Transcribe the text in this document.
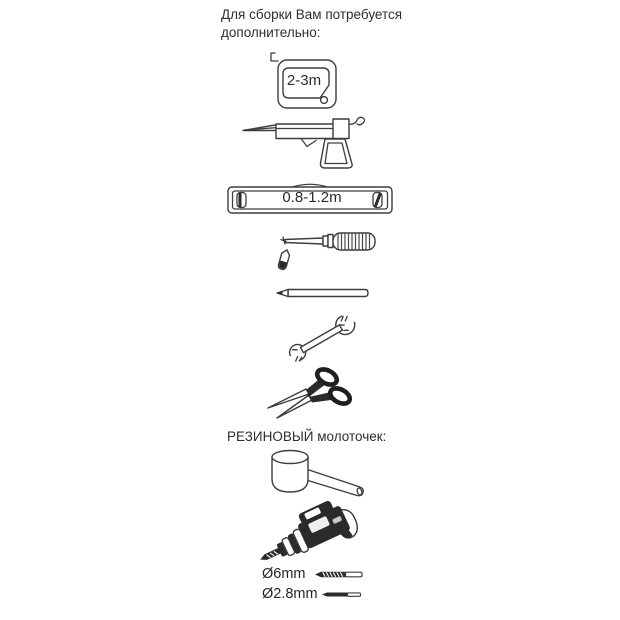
Для сборки Вам потребуется
дополнительно:
2-3m
0.8-1.2m
РЕЗИНОВЫЙ молоточек:
Ø6mm
Ø2.8mm
